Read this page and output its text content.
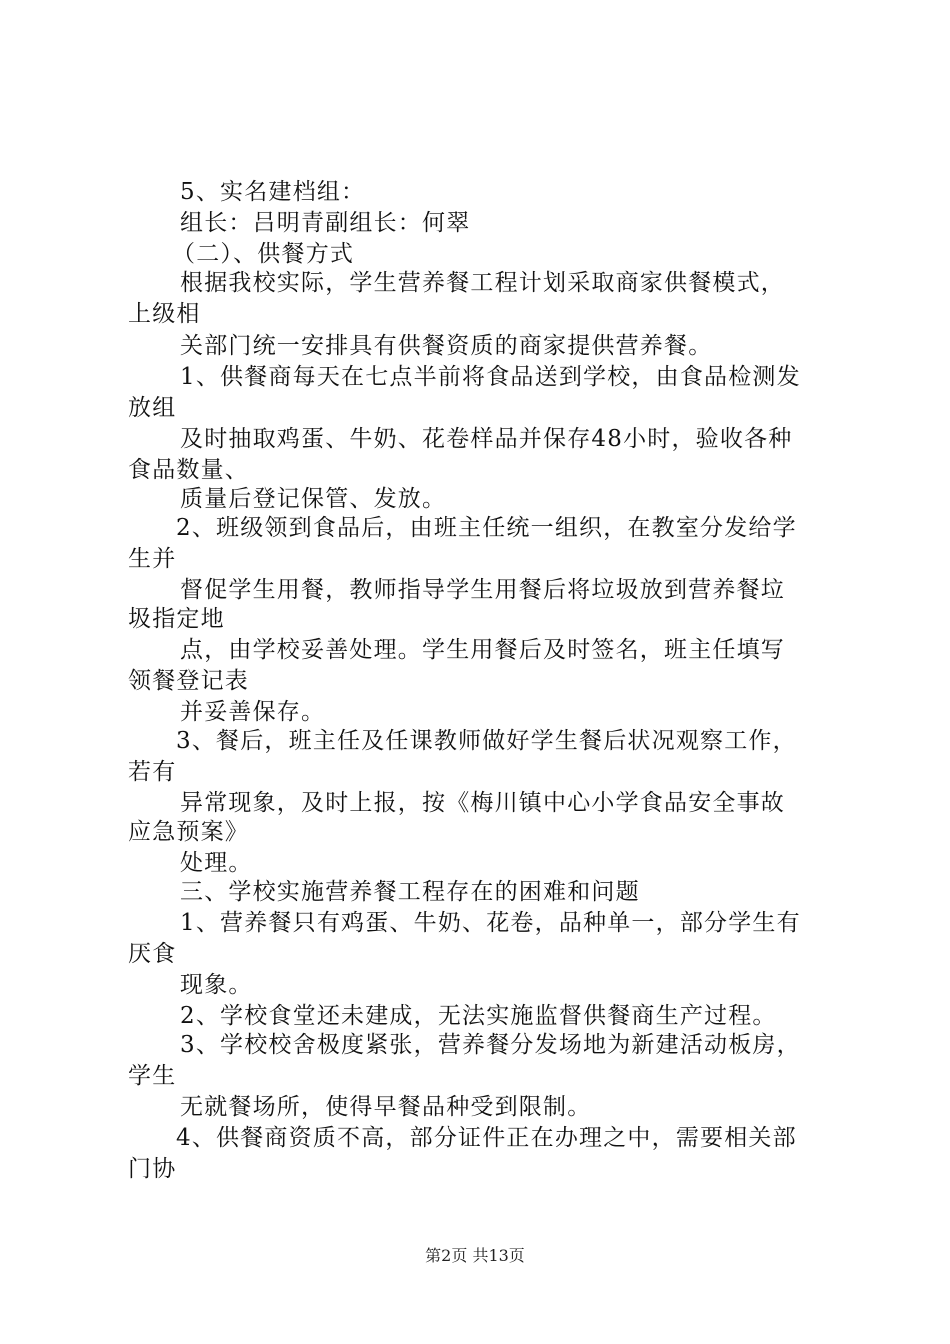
5、实名建档组：
组长：吕明青副组长：何翠
（二）、供餐方式
根据我校实际，学生营养餐工程计划采取商家供餐模式，
上级相
关部门统一安排具有供餐资质的商家提供营养餐。
1、供餐商每天在七点半前将食品送到学校，由食品检测发
放组
及时抽取鸡蛋、牛奶、花卷样品并保存48小时，验收各种
食品数量、
质量后登记保管、发放。
2、班级领到食品后，由班主任统一组织，在教室分发给学
生并
督促学生用餐，教师指导学生用餐后将垃圾放到营养餐垃
圾指定地
点，由学校妥善处理。学生用餐后及时签名，班主任填写
领餐登记表
并妥善保存。
3、餐后，班主任及任课教师做好学生餐后状况观察工作，
若有
异常现象，及时上报，按《梅川镇中心小学食品安全事故
应急预案》
处理。
三、学校实施营养餐工程存在的困难和问题
1、营养餐只有鸡蛋、牛奶、花卷，品种单一，部分学生有
厌食
现象。
2、学校食堂还未建成，无法实施监督供餐商生产过程。
3、学校校舍极度紧张，营养餐分发场地为新建活动板房，
学生
无就餐场所，使得早餐品种受到限制。
4、供餐商资质不高，部分证件正在办理之中，需要相关部
门协
第2页 共13页
